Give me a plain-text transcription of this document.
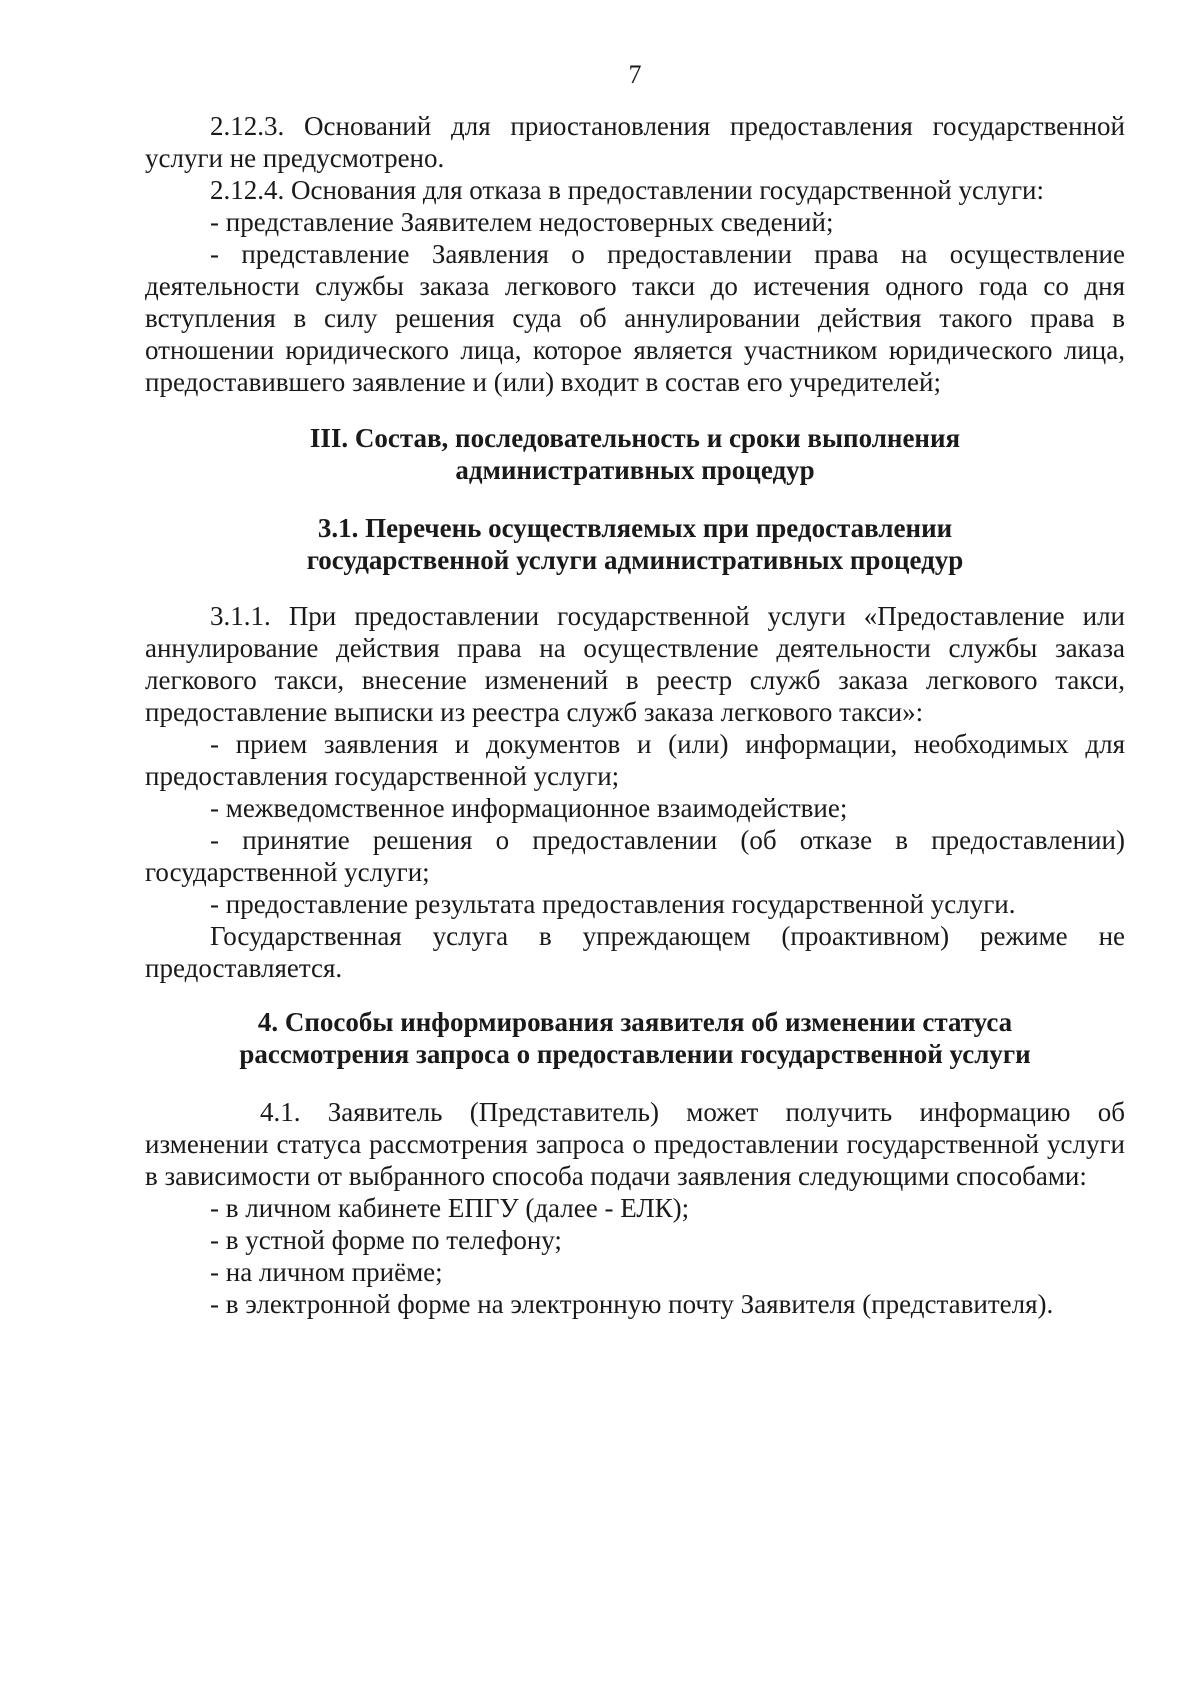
7

2.12.3. Оснований для приостановления предоставления государственной услуги не предусмотрено.

2.12.4. Основания для отказа в предоставлении государственной услуги:

- представление Заявителем недостоверных сведений;

- представление Заявления о предоставлении права на осуществление деятельности службы заказа легкового такси до истечения одного года со дня вступления в силу решения суда об аннулировании действия такого права в отношении юридического лица, которое является участником юридического лица, предоставившего заявление и (или) входит в состав его учредителей;

III. Состав, последовательность и сроки выполнения
административных процедур
3.1. Перечень осуществляемых при предоставлении
государственной услуги административных процедур

3.1.1. При предоставлении государственной услуги «Предоставление или аннулирование действия права на осуществление деятельности службы заказа легкового такси, внесение изменений в реестр служб заказа легкового такси, предоставление выписки из реестра служб заказа легкового такси»:

- прием заявления и документов и (или) информации, необходимых для предоставления государственной услуги;

- межведомственное информационное взаимодействие;

- принятие решения о предоставлении (об отказе в предоставлении) государственной услуги;

- предоставление результата предоставления государственной услуги.

Государственная услуга в упреждающем (проактивном) режиме не предоставляется.

4. Способы информирования заявителя об изменении статуса
рассмотрения запроса о предоставлении государственной услуги

4.1. Заявитель (Представитель) может получить информацию об изменении статуса рассмотрения запроса о предоставлении государственной услуги в зависимости от выбранного способа подачи заявления следующими способами:

- в личном кабинете ЕПГУ (далее - ЕЛК);

- в устной форме по телефону;

- на личном приёме;

- в электронной форме на электронную почту Заявителя (представителя).
